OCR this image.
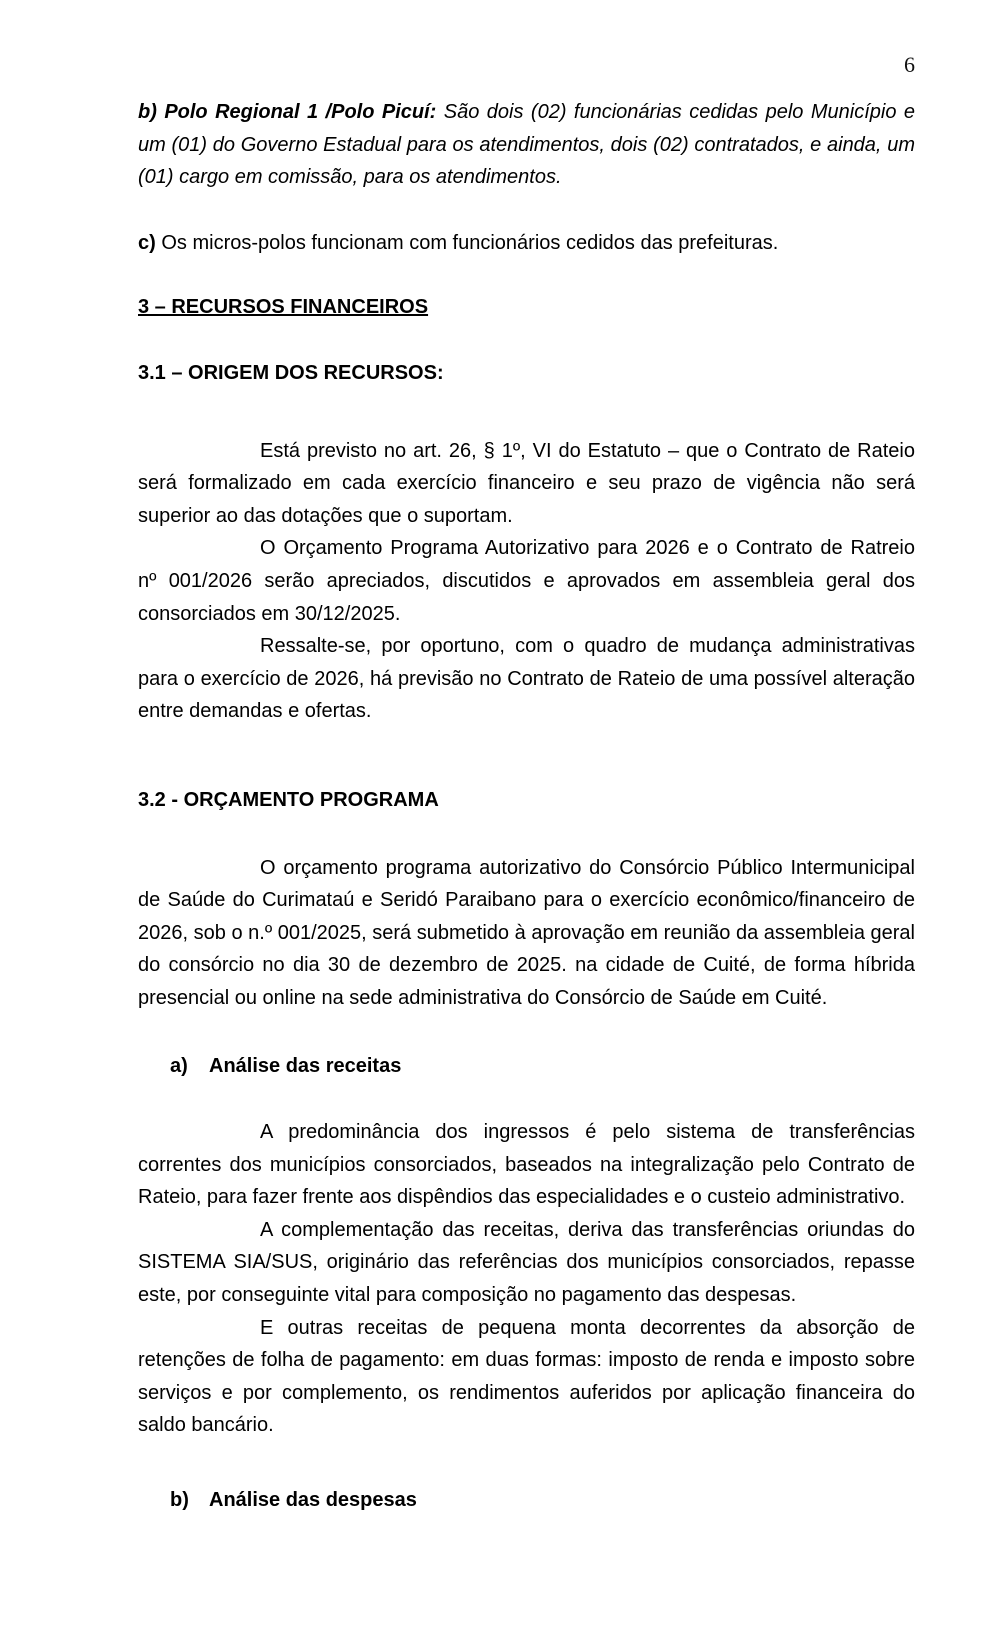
6

b) Polo Regional 1 /Polo Picuí: São dois (02) funcionárias cedidas pelo Município e um (01) do Governo Estadual para os atendimentos, dois (02) contratados, e ainda, um (01) cargo em comissão, para os atendimentos.

c) Os micros-polos funcionam com funcionários cedidos das prefeituras.

3 – RECURSOS FINANCEIROS
3.1 – ORIGEM DOS RECURSOS:

Está previsto no art. 26, § 1º, VI do Estatuto – que o Contrato de Rateio será formalizado em cada exercício financeiro e seu prazo de vigência não será superior ao das dotações que o suportam.

O Orçamento Programa Autorizativo para 2026 e o Contrato de Ratreio nº 001/2026 serão apreciados, discutidos e aprovados em assembleia geral dos consorciados em 30/12/2025.

Ressalte-se, por oportuno, com o quadro de mudança administrativas para o exercício de 2026, há previsão no Contrato de Rateio de uma possível alteração entre demandas e ofertas.

3.2 - ORÇAMENTO PROGRAMA

O orçamento programa autorizativo do Consórcio Público Intermunicipal de Saúde do Curimataú e Seridó Paraibano para o exercício econômico/financeiro de 2026, sob o n.º 001/2025, será submetido à aprovação em reunião da assembleia geral do consórcio no dia 30 de dezembro de 2025. na cidade de Cuité, de forma híbrida presencial ou online na sede administrativa do Consórcio de Saúde em Cuité.

a) Análise das receitas

A predominância dos ingressos é pelo sistema de transferências correntes dos municípios consorciados, baseados na integralização pelo Contrato de Rateio, para fazer frente aos dispêndios das especialidades e o custeio administrativo.

A complementação das receitas, deriva das transferências oriundas do SISTEMA SIA/SUS, originário das referências dos municípios consorciados, repasse este, por conseguinte vital para composição no pagamento das despesas.

E outras receitas de pequena monta decorrentes da absorção de retenções de folha de pagamento: em duas formas: imposto de renda e imposto sobre serviços e por complemento, os rendimentos auferidos por aplicação financeira do saldo bancário.

b) Análise das despesas
